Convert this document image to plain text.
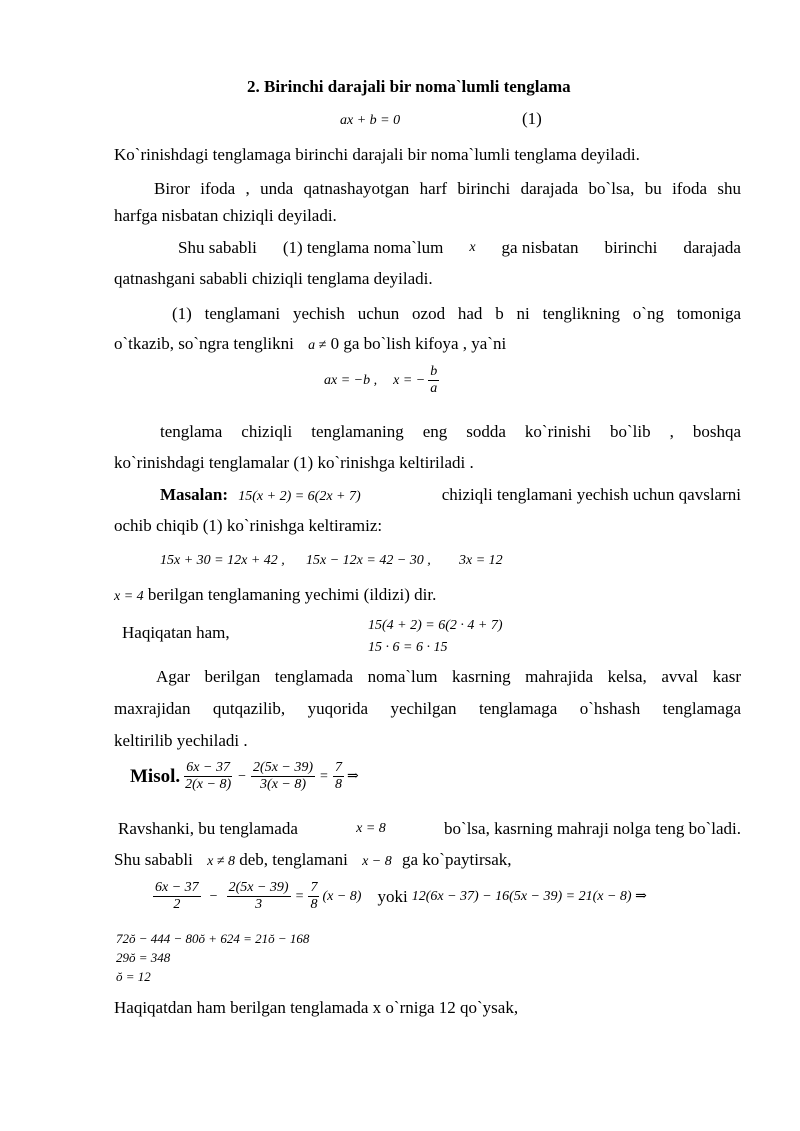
2. Birinchi darajali bir noma`lumli tenglama
ax + b = 0	(1)
Ko`rinishdagi tenglamaga birinchi darajali bir noma`lumli tenglama deyiladi.
Biror ifoda , unda qatnashayotgan harf birinchi darajada bo`lsa, bu ifoda shu
harfga nisbatan chiziqli deyiladi.
Shu sababli (1) tenglama noma`lum x ga nisbatan birinchi darajada
qatnashgani sababli chiziqli tenglama deyiladi.
(1) tenglamani yechish uchun ozod had b ni tenglikning o`ng tomoniga
o`tkazib, so`ngra tenglikni a ≠ 0 ga bo`lish kifoya , ya`ni
ax = −b , x = − $\frac{b}{a}$
tenglama chiziqli tenglamaning eng sodda ko`rinishi bo`lib , boshqa
ko`rinishdagi tenglamalar (1) ko`rinishga keltiriladi .
Masalan: 15(x + 2) = 6(2x + 7)	chiziqli tenglamani yechish uchun qavslarni
ochib chiqib (1) ko`rinishga keltiramiz:
15x + 30 = 12x + 42 , 15x − 12x = 42 − 30 , 3x = 12
x = 4 berilgan tenglamaning yechimi (ildizi) dir.
Haqiqatan ham,	15(4 + 2) = 6(2 · 4 + 7)
15 · 6 = 6 · 15
Agar berilgan tenglamada noma`lum kasrning mahrajida kelsa, avval kasr
maxrajidan qutqazilib, yuqorida yechilgan tenglamaga o`hshash tenglamaga
keltirilib yechiladi .
Misol. $\frac{6x - 37}{2(x - 8)} - \frac{2(5x - 39)}{3(x - 8)} = \frac{7}{8}$ ⇒
Ravshanki, bu tenglamada	x = 8	bo`lsa, kasrning mahraji nolga teng bo`ladi.
Shu sababli x ≠ 8 deb, tenglamani x − 8 ga ko`paytirsak,
$\frac{6x - 37}{2} - \frac{2(5x - 39)}{3} = \frac{7}{8} (x - 8)$ yoki 12(6x − 37) − 16(5x − 39) = 21(x − 8) ⇒
72ŏ − 444 − 80ŏ + 624 = 21ŏ − 168
29ŏ = 348
ŏ = 12
Haqiqatdan ham berilgan tenglamada x o`rniga 12 qo`ysak,
